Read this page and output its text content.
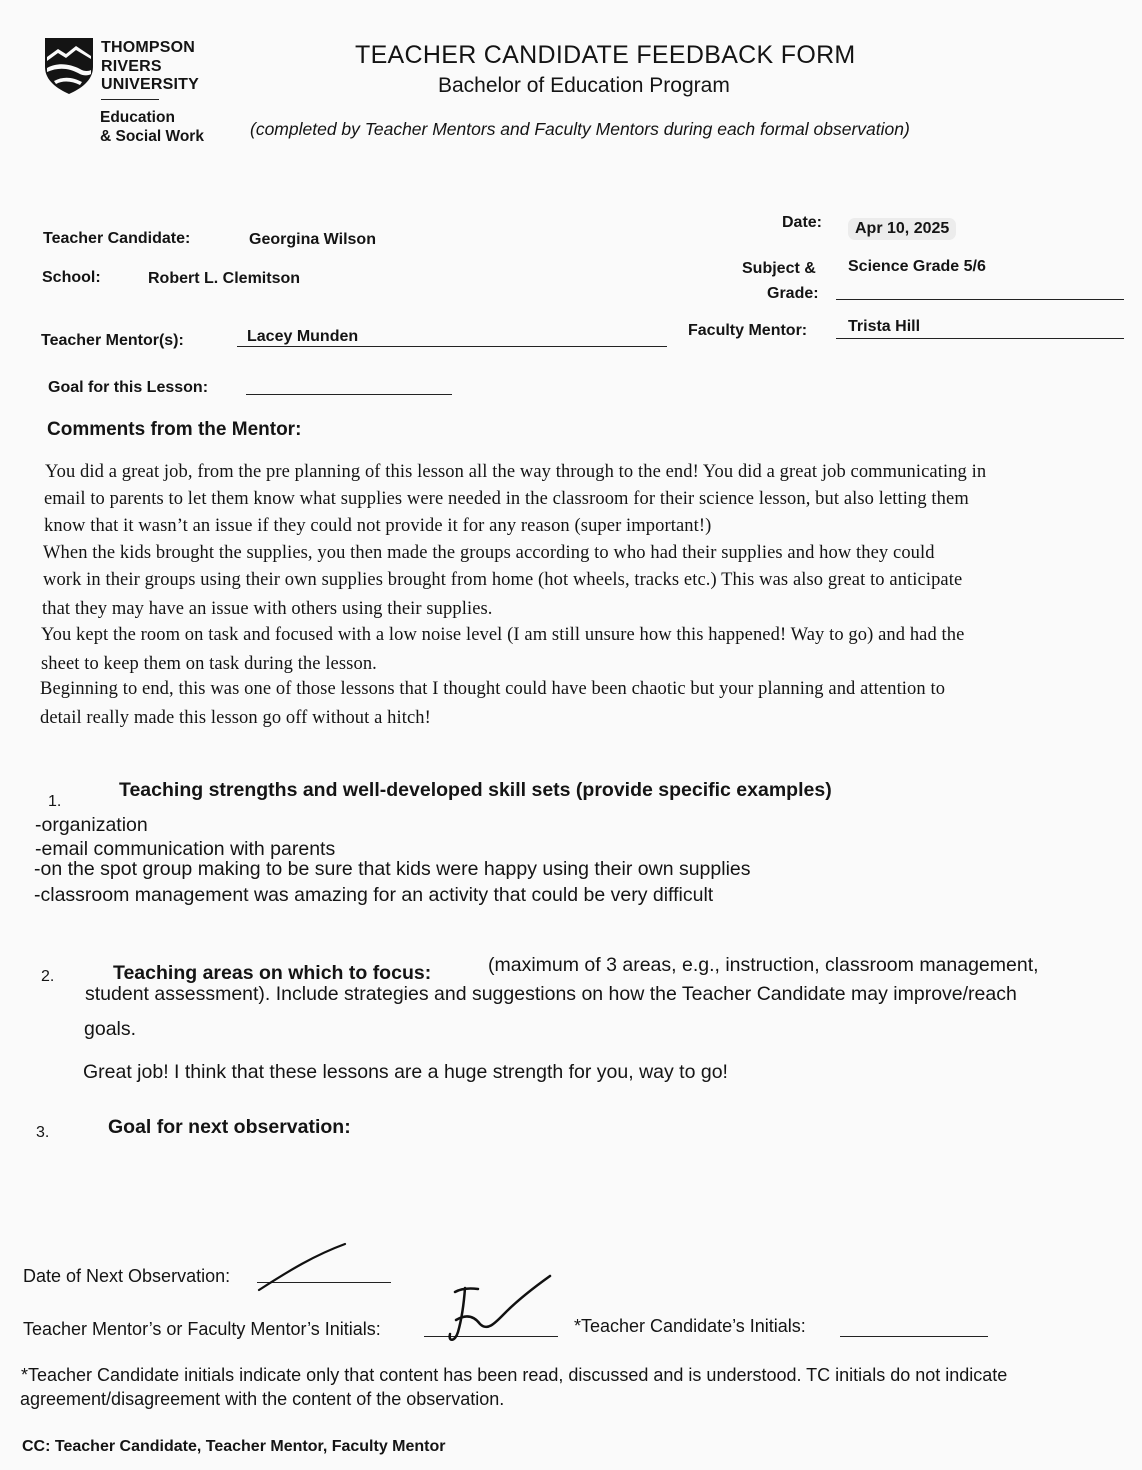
THOMPSON
RIVERS
UNIVERSITY
Education
& Social Work
TEACHER CANDIDATE FEEDBACK FORM
Bachelor of Education Program
(completed by Teacher Mentors and Faculty Mentors during each formal observation)
Teacher Candidate:	Georgina Wilson
School:	Robert L. Clemitson
Date:	Apr 10, 2025
Subject &
Grade:
Science Grade 5/6
Teacher Mentor(s):	Lacey Munden	Faculty Mentor:	Trista Hill
Goal for this Lesson:
Comments from the Mentor:
You did a great job, from the pre planning of this lesson all the way through to the end! You did a great job communicating in
email to parents to let them know what supplies were needed in the classroom for their science lesson, but also letting them
know that it wasn’t an issue if they could not provide it for any reason (super important!)
When the kids brought the supplies, you then made the groups according to who had their supplies and how they could
work in their groups using their own supplies brought from home (hot wheels, tracks etc.) This was also great to anticipate
that they may have an issue with others using their supplies.
You kept the room on task and focused with a low noise level (I am still unsure how this happened! Way to go) and had the
sheet to keep them on task during the lesson.
Beginning to end, this was one of those lessons that I thought could have been chaotic but your planning and attention to
detail really made this lesson go off without a hitch!
1.
Teaching strengths and well-developed skill sets (provide specific examples)
-organization
-email communication with parents
-on the spot group making to be sure that kids were happy using their own supplies
-classroom management was amazing for an activity that could be very difficult
2.	Teaching areas on which to focus:	(maximum of 3 areas, e.g., instruction, classroom management,
student assessment). Include strategies and suggestions on how the Teacher Candidate may improve/reach
goals.
Great job! I think that these lessons are a huge strength for you, way to go!
3.	Goal for next observation:
Date of Next Observation:
Teacher Mentor’s or Faculty Mentor’s Initials:	*Teacher Candidate’s Initials:
*Teacher Candidate initials indicate only that content has been read, discussed and is understood. TC initials do not indicate
agreement/disagreement with the content of the observation.
CC: Teacher Candidate, Teacher Mentor, Faculty Mentor
